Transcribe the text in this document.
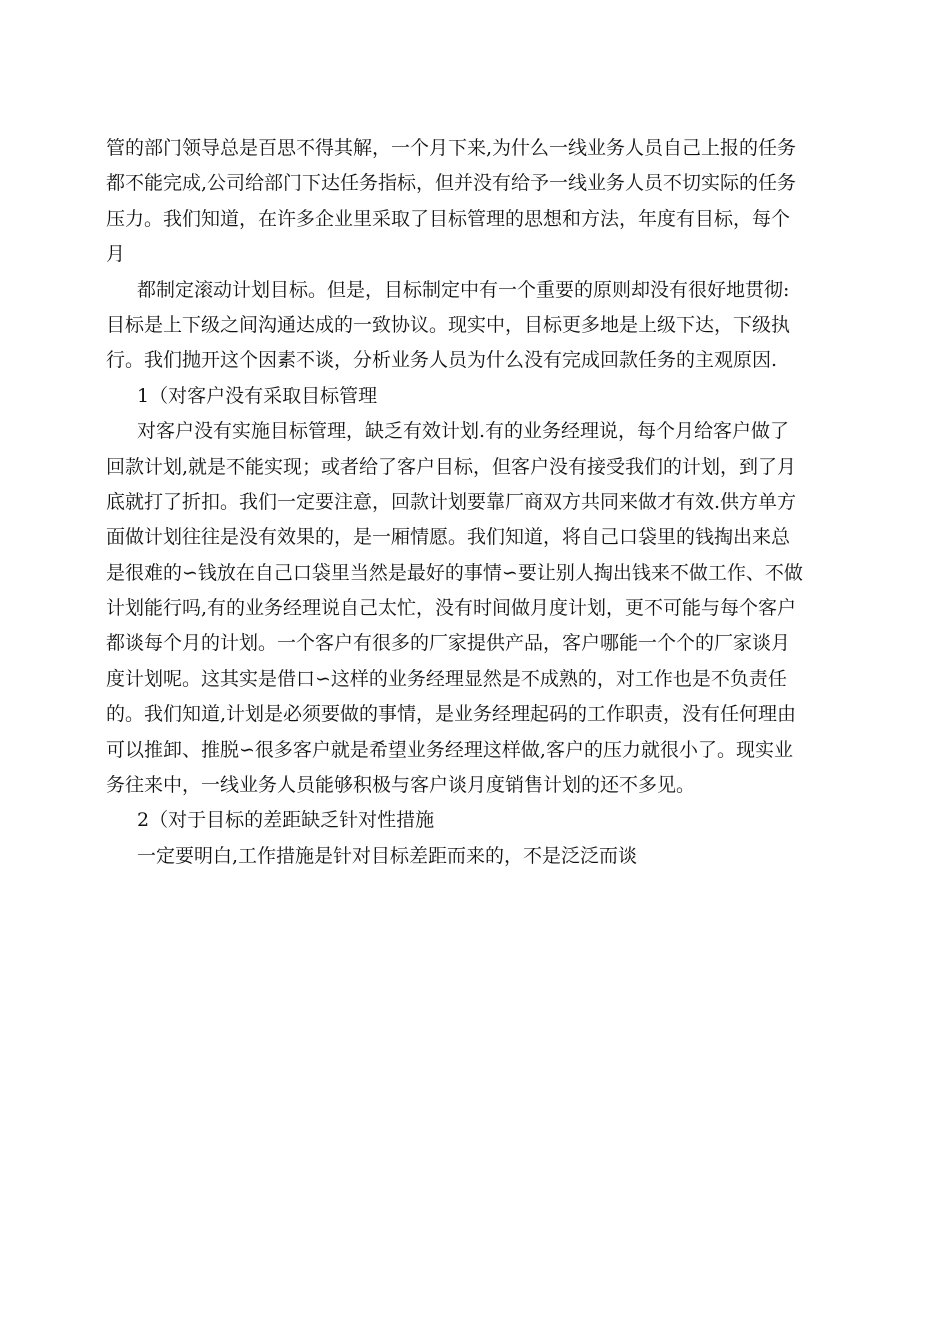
管的部门领导总是百思不得其解，一个月下来,为什么一线业务人员自己上报的任务
都不能完成,公司给部门下达任务指标，但并没有给予一线业务人员不切实际的任务
压力。我们知道，在许多企业里采取了目标管理的思想和方法，年度有目标，每个
月
都制定滚动计划目标。但是，目标制定中有一个重要的原则却没有很好地贯彻:
目标是上下级之间沟通达成的一致协议。现实中，目标更多地是上级下达，下级执
行。我们抛开这个因素不谈，分析业务人员为什么没有完成回款任务的主观原因.
1（对客户没有采取目标管理
对客户没有实施目标管理，缺乏有效计划.有的业务经理说，每个月给客户做了
回款计划,就是不能实现；或者给了客户目标，但客户没有接受我们的计划，到了月
底就打了折扣。我们一定要注意，回款计划要靠厂商双方共同来做才有效.供方单方
面做计划往往是没有效果的，是一厢情愿。我们知道，将自己口袋里的钱掏出来总
是很难的∽钱放在自己口袋里当然是最好的事情∽要让别人掏出钱来不做工作、不做
计划能行吗,有的业务经理说自己太忙，没有时间做月度计划，更不可能与每个客户
都谈每个月的计划。一个客户有很多的厂家提供产品，客户哪能一个个的厂家谈月
度计划呢。这其实是借口∽这样的业务经理显然是不成熟的，对工作也是不负责任
的。我们知道,计划是必须要做的事情，是业务经理起码的工作职责，没有任何理由
可以推卸、推脱∽很多客户就是希望业务经理这样做,客户的压力就很小了。现实业
务往来中，一线业务人员能够积极与客户谈月度销售计划的还不多见。
2（对于目标的差距缺乏针对性措施
一定要明白,工作措施是针对目标差距而来的，不是泛泛而谈
